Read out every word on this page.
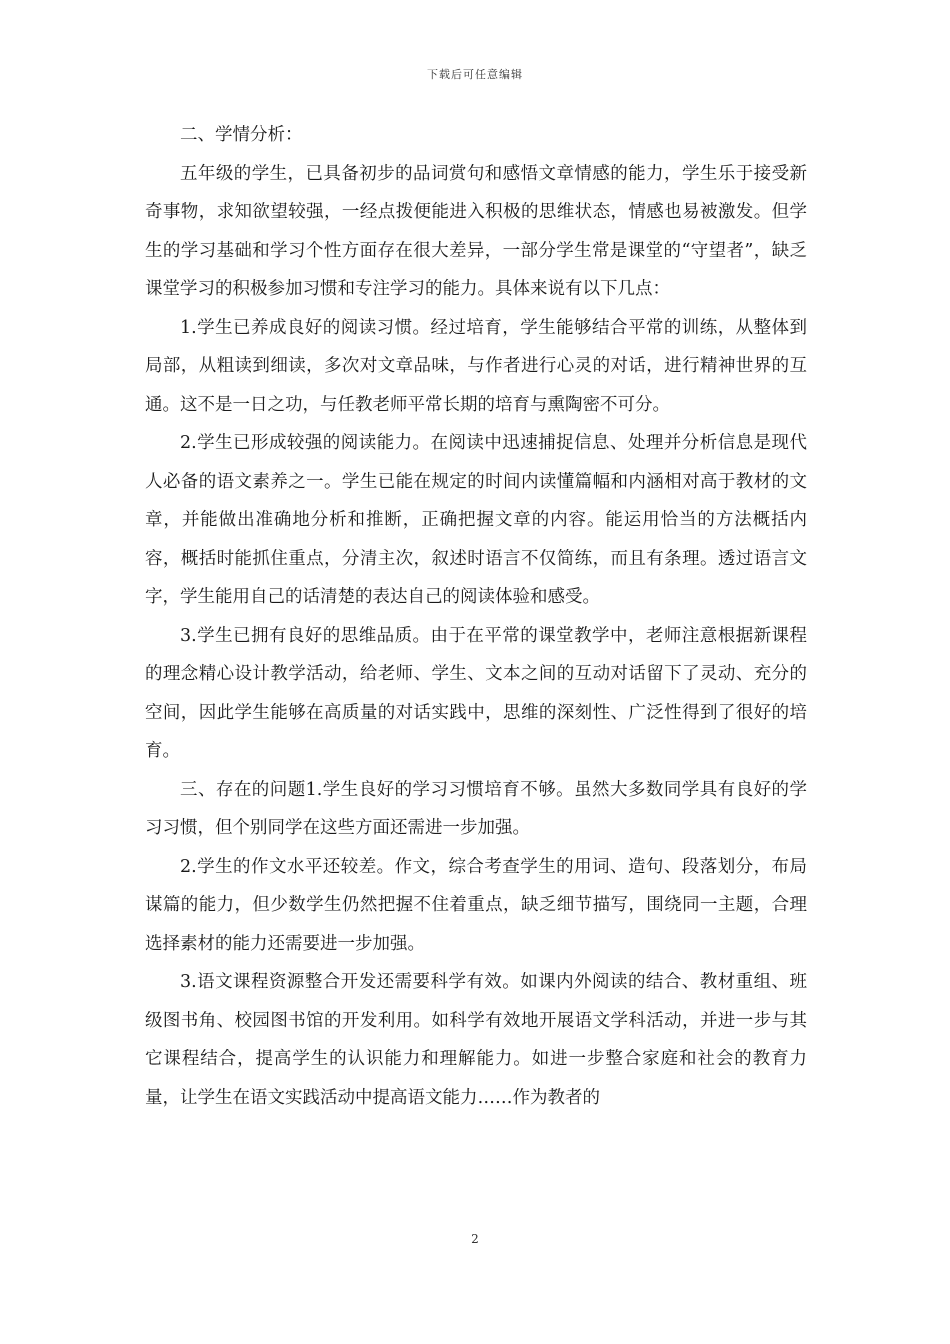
下载后可任意编辑

二、学情分析：

五年级的学生，已具备初步的品词赏句和感悟文章情感的能力，学生乐于接受新奇事物，求知欲望较强，一经点拨便能进入积极的思维状态，情感也易被激发。但学生的学习基础和学习个性方面存在很大差异，一部分学生常是课堂的“守望者”，缺乏课堂学习的积极参加习惯和专注学习的能力。具体来说有以下几点：

1.学生已养成良好的阅读习惯。经过培育，学生能够结合平常的训练，从整体到局部，从粗读到细读，多次对文章品味，与作者进行心灵的对话，进行精神世界的互通。这不是一日之功，与任教老师平常长期的培育与熏陶密不可分。

2.学生已形成较强的阅读能力。在阅读中迅速捕捉信息、处理并分析信息是现代人必备的语文素养之一。学生已能在规定的时间内读懂篇幅和内涵相对高于教材的文章，并能做出准确地分析和推断，正确把握文章的内容。能运用恰当的方法概括内容，概括时能抓住重点，分清主次，叙述时语言不仅简练，而且有条理。透过语言文字，学生能用自己的话清楚的表达自己的阅读体验和感受。

3.学生已拥有良好的思维品质。由于在平常的课堂教学中，老师注意根据新课程的理念精心设计教学活动，给老师、学生、文本之间的互动对话留下了灵动、充分的空间，因此学生能够在高质量的对话实践中，思维的深刻性、广泛性得到了很好的培育。

三、存在的问题1.学生良好的学习习惯培育不够。虽然大多数同学具有良好的学习习惯，但个别同学在这些方面还需进一步加强。

2.学生的作文水平还较差。作文，综合考查学生的用词、造句、段落划分，布局谋篇的能力，但少数学生仍然把握不住着重点，缺乏细节描写，围绕同一主题，合理选择素材的能力还需要进一步加强。

3.语文课程资源整合开发还需要科学有效。如课内外阅读的结合、教材重组、班级图书角、校园图书馆的开发利用。如科学有效地开展语文学科活动，并进一步与其它课程结合，提高学生的认识能力和理解能力。如进一步整合家庭和社会的教育力量，让学生在语文实践活动中提高语文能力……作为教者的

2
